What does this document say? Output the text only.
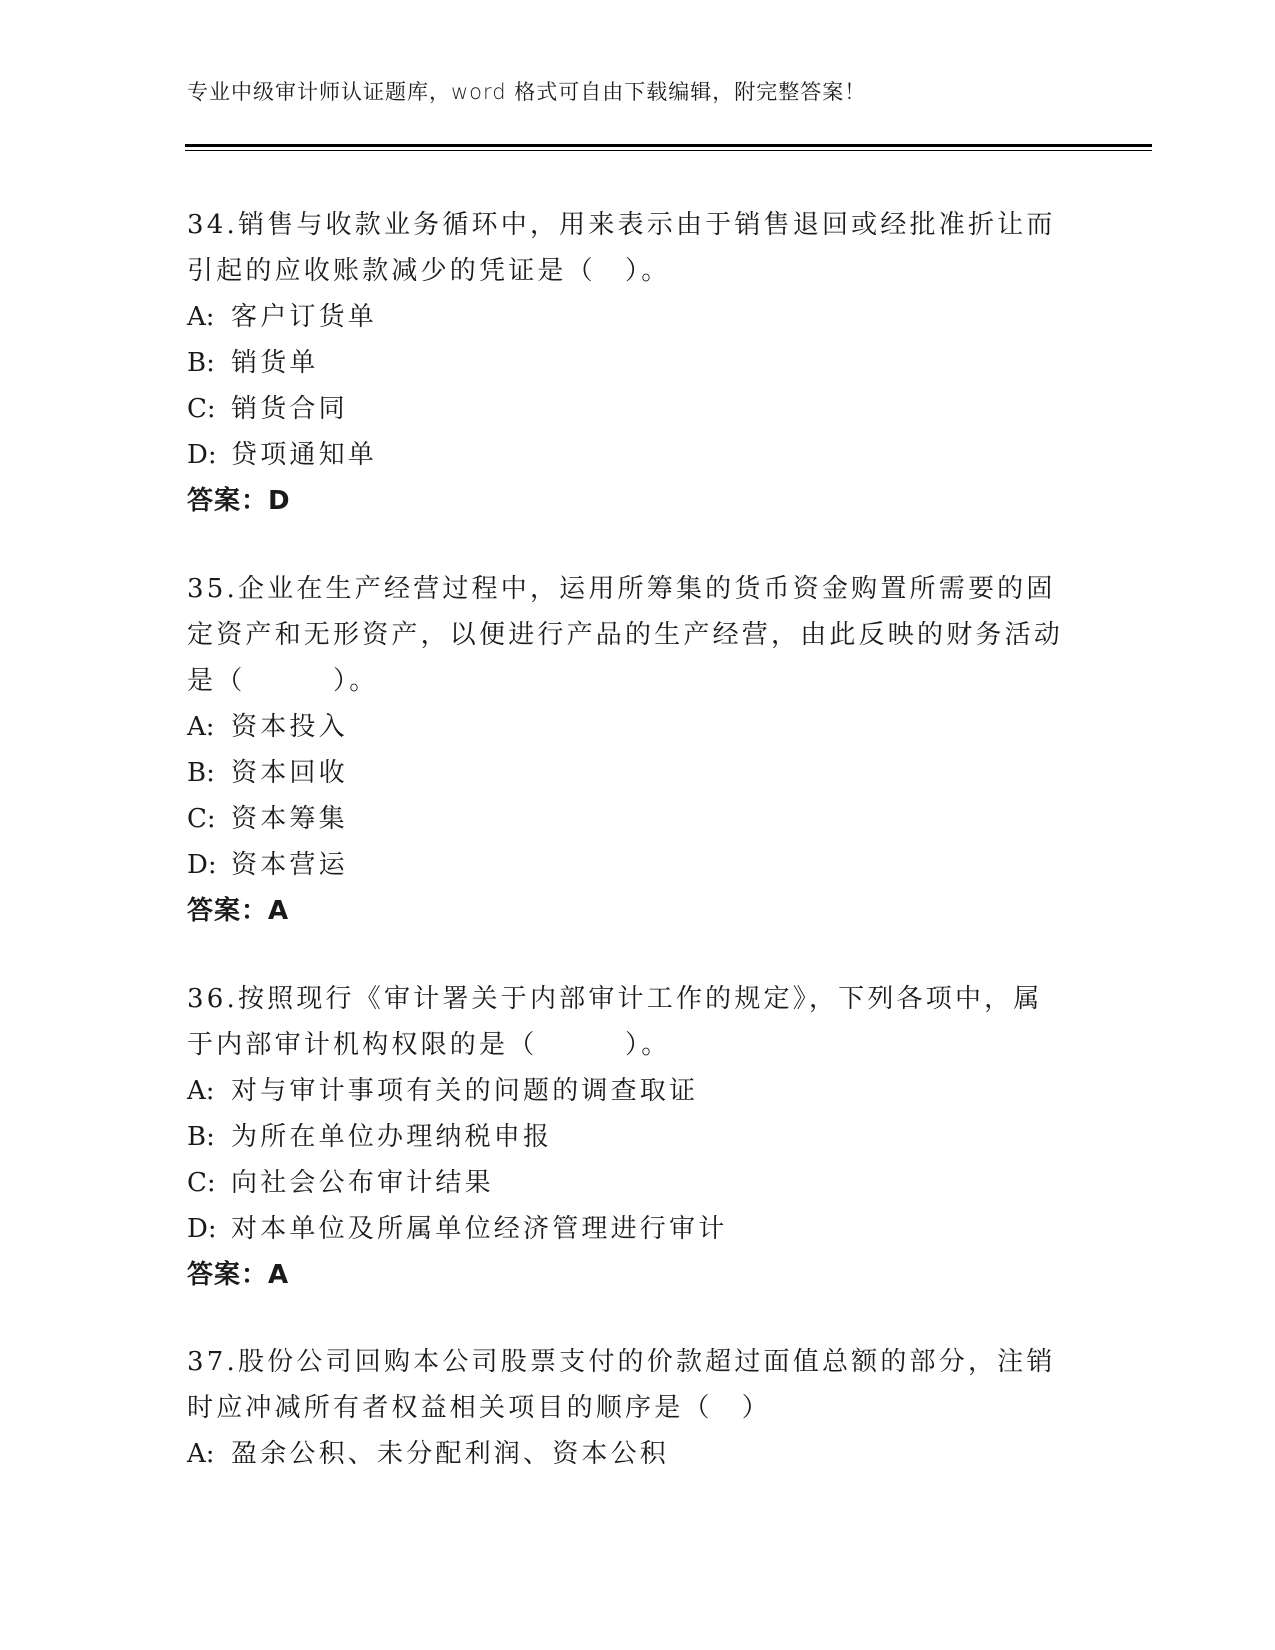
专业中级审计师认证题库，word 格式可自由下载编辑，附完整答案！

34.销售与收款业务循环中，用来表示由于销售退回或经批准折让而引起的应收账款减少的凭证是（　）。

A: 客户订货单

B: 销货单

C: 销货合同

D: 贷项通知单

答案：D

35.企业在生产经营过程中，运用所筹集的货币资金购置所需要的固定资产和无形资产，以便进行产品的生产经营，由此反映的财务活动是（　　　）。

A: 资本投入

B: 资本回收

C: 资本筹集

D: 资本营运

答案：A

36.按照现行《审计署关于内部审计工作的规定》，下列各项中，属于内部审计机构权限的是（　　　）。

A: 对与审计事项有关的问题的调查取证

B: 为所在单位办理纳税申报

C: 向社会公布审计结果

D: 对本单位及所属单位经济管理进行审计

答案：A

37.股份公司回购本公司股票支付的价款超过面值总额的部分，注销时应冲减所有者权益相关项目的顺序是（　）

A: 盈余公积、未分配利润、资本公积
